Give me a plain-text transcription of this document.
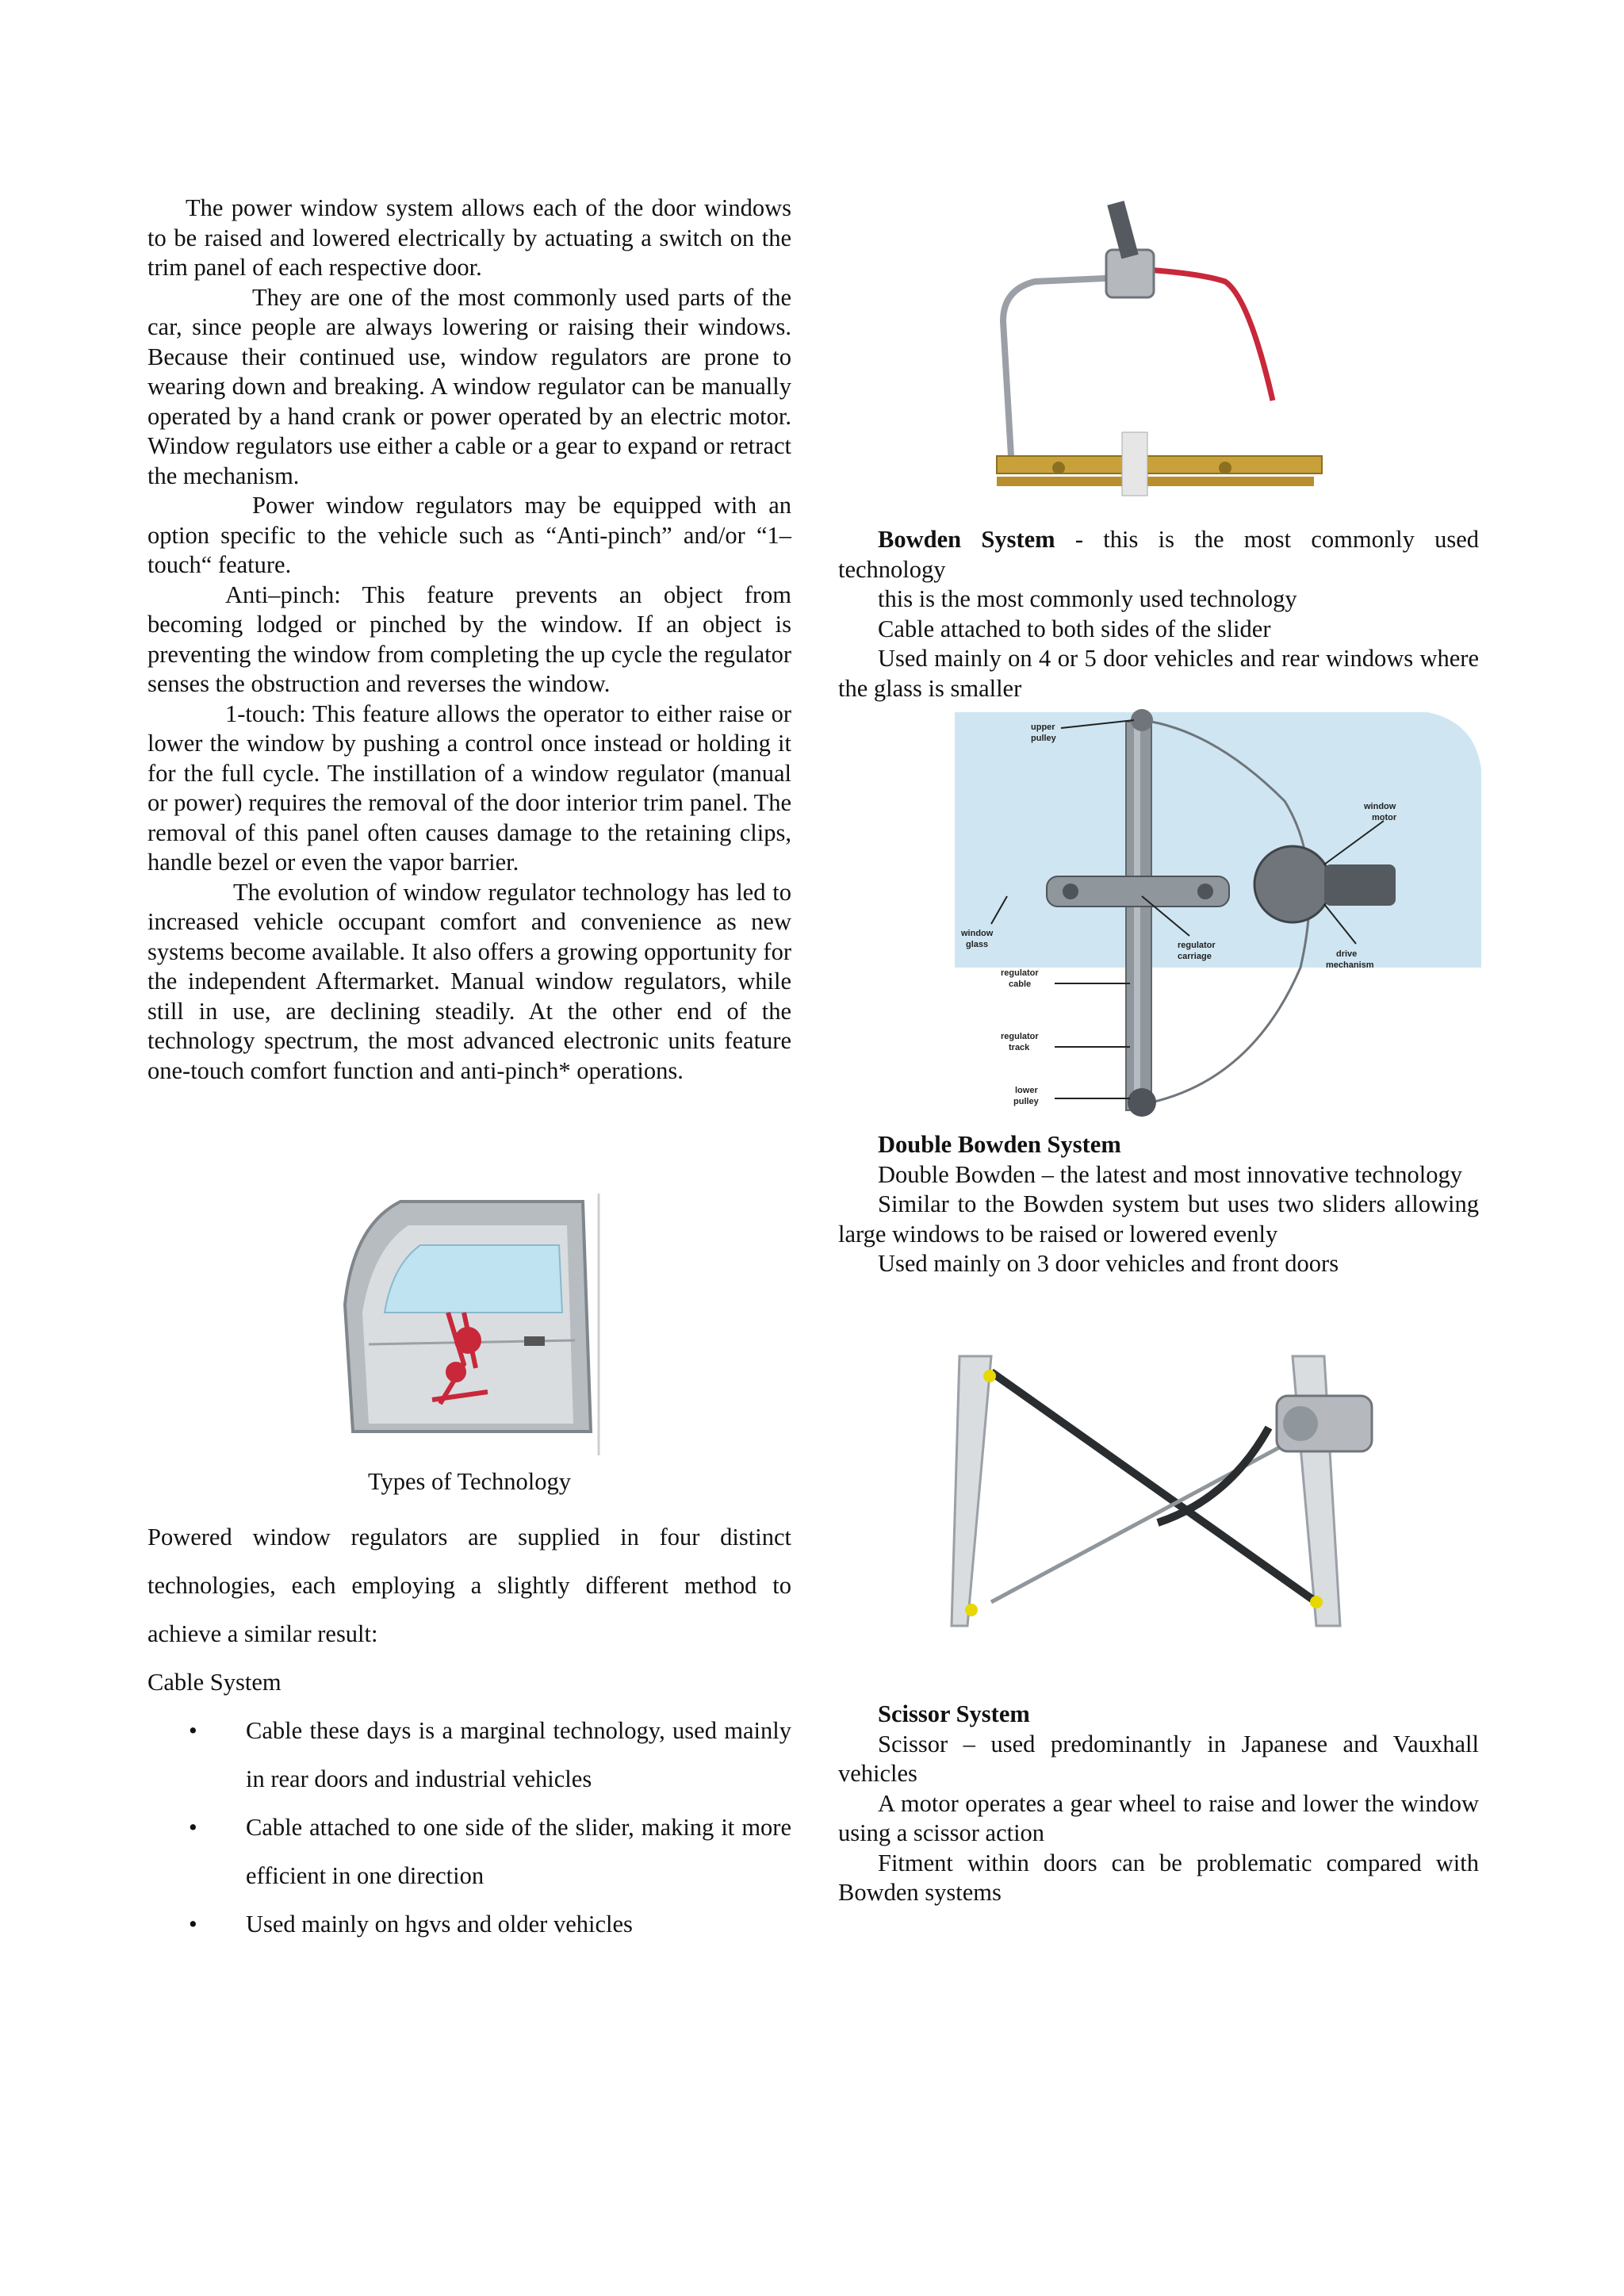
The power window system allows each of the door windows to be raised and lowered electrically by actuating a switch on the trim panel of each respective door.

They are one of the most commonly used parts of the car, since people are always lowering or raising their windows. Because their continued use, window regulators are prone to wearing down and breaking. A window regulator can be manually operated by a hand crank or power operated by an electric motor. Window regulators use either a cable or a gear to expand or retract the mechanism.

Power window regulators may be equipped with an option specific to the vehicle such as “Anti-pinch” and/or “1– touch“ feature.

Anti–pinch: This feature prevents an object from becoming lodged or pinched by the window. If an object is preventing the window from completing the up cycle the regulator senses the obstruction and reverses the window.

1-touch: This feature allows the operator to either raise or lower the window by pushing a control once instead or holding it for the full cycle. The instillation of a window regulator (manual or power) requires the removal of the door interior trim panel. The removal of this panel often causes damage to the retaining clips, handle bezel or even the vapor barrier.

The evolution of window regulator technology has led to increased vehicle occupant comfort and convenience as new systems become available. It also offers a growing opportunity for the independent Aftermarket. Manual window regulators, while still in use, are declining steadily. At the other end of the technology spectrum, the most advanced electronic units feature one-touch comfort function and anti-pinch* operations.

Types of Technology

Powered window regulators are supplied in four distinct technologies, each employing a slightly different method to achieve a similar result:

Cable System

• Cable these days is a marginal technology, used mainly in rear doors and industrial vehicles
• Cable attached to one side of the slider, making it more efficient in one direction
• Used mainly on hgvs and older vehicles

Bowden System - this is the most commonly used technology

this is the most commonly used technology

Cable attached to both sides of the slider

Used mainly on 4 or 5 door vehicles and rear windows where the glass is smaller

upper
pulley
window
motor
window
glass	regulator
carriage	drive
mechanism
regulator
cable
regulator
track
lower
pulley

Double Bowden System

Double Bowden – the latest and most innovative technology

Similar to the Bowden system but uses two sliders allowing large windows to be raised or lowered evenly

Used mainly on 3 door vehicles and front doors

Scissor System

Scissor – used predominantly in Japanese and Vauxhall vehicles

A motor operates a gear wheel to raise and lower the window using a scissor action

Fitment within doors can be problematic compared with Bowden systems
